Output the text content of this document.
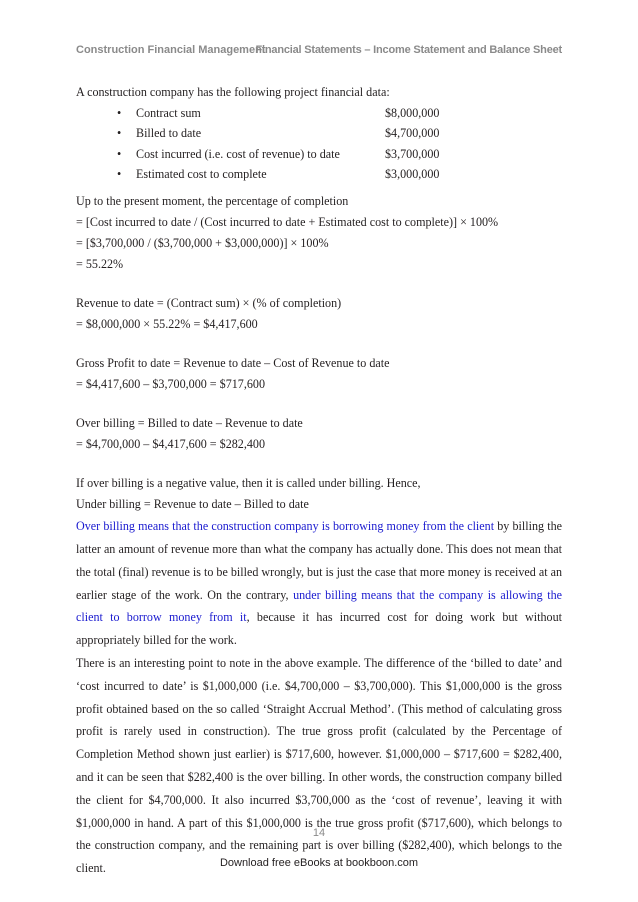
Construction Financial Management
Financial Statements – Income Statement and Balance Sheet

A construction company has the following project financial data:

• Contract sum	$8,000,000
• Billed to date	$4,700,000
• Cost incurred (i.e. cost of revenue) to date	$3,700,000
• Estimated cost to complete	$3,000,000

Up to the present moment, the percentage of completion

= [Cost incurred to date / (Cost incurred to date + Estimated cost to complete)] × 100%

= [$3,700,000 / ($3,700,000 + $3,000,000)] × 100%

= 55.22%

Revenue to date = (Contract sum) × (% of completion)

= $8,000,000 × 55.22% = $4,417,600

Gross Profit to date = Revenue to date – Cost of Revenue to date

= $4,417,600 – $3,700,000 = $717,600

Over billing = Billed to date – Revenue to date

= $4,700,000 – $4,417,600 = $282,400

If over billing is a negative value, then it is called under billing. Hence,

Under billing = Revenue to date – Billed to date

Over billing means that the construction company is borrowing money from the client by billing the latter an amount of revenue more than what the company has actually done. This does not mean that the total (final) revenue is to be billed wrongly, but is just the case that more money is received at an earlier stage of the work. On the contrary, under billing means that the company is allowing the client to borrow money from it, because it has incurred cost for doing work but without appropriately billed for the work.

There is an interesting point to note in the above example. The difference of the ‘billed to date’ and ‘cost incurred to date’ is $1,000,000 (i.e. $4,700,000 – $3,700,000). This $1,000,000 is the gross profit obtained based on the so called ‘Straight Accrual Method’. (This method of calculating gross profit is rarely used in construction). The true gross profit (calculated by the Percentage of Completion Method shown just earlier) is $717,600, however. $1,000,000 – $717,600 = $282,400, and it can be seen that $282,400 is the over billing. In other words, the construction company billed the client for $4,700,000. It also incurred $3,700,000 as the ‘cost of revenue’, leaving it with $1,000,000 in hand. A part of this $1,000,000 is the true gross profit ($717,600), which belongs to the construction company, and the remaining part is over billing ($282,400), which belongs to the client.

14
Download free eBooks at bookboon.com
